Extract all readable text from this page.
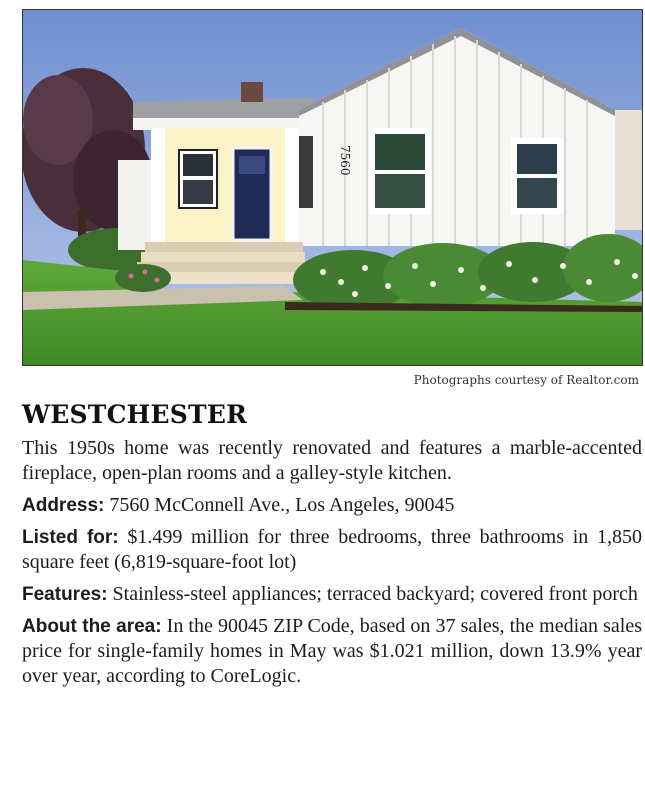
7560
Photographs courtesy of Realtor.com
WESTCHESTER

This 1950s home was recently renovated and features a marble-accented fireplace, open-plan rooms and a galley-style kitchen.

Address: 7560 McConnell Ave., Los Angeles, 90045

Listed for: $1.499 million for three bedrooms, three bathrooms in 1,850 square feet (6,819-square-foot lot)

Features: Stainless-steel appliances; terraced backyard; covered front porch

About the area: In the 90045 ZIP Code, based on 37 sales, the median sales price for single-family homes in May was $1.021 million, down 13.9% year over year, according to CoreLogic.
